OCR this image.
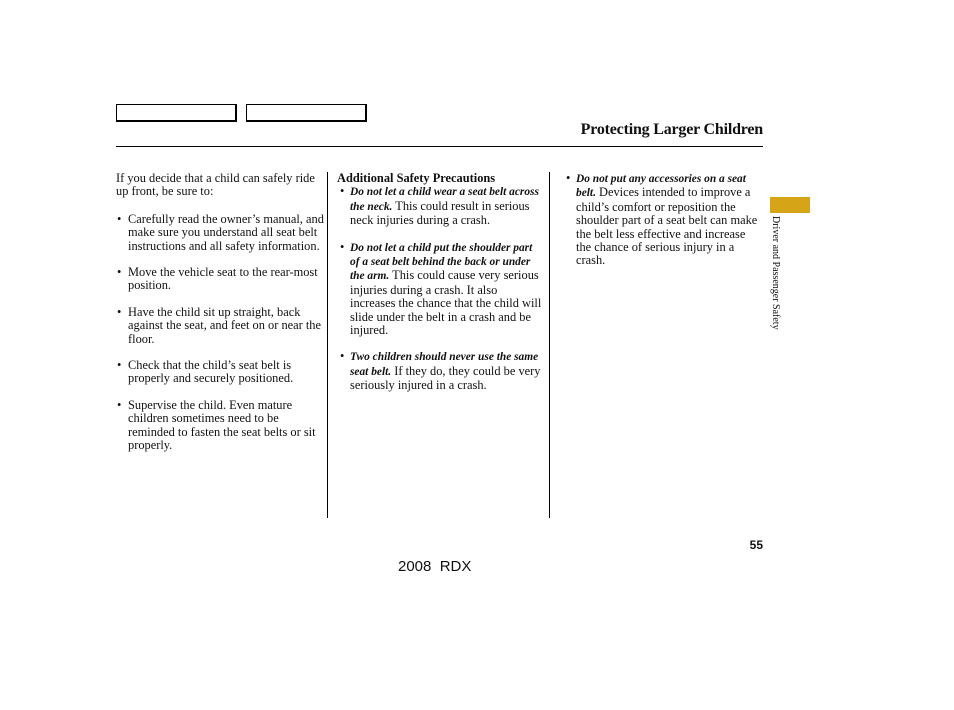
Protecting Larger Children

If you decide that a child can safely ride up front, be sure to:

• Carefully read the owner’s manual, and make sure you understand all seat belt instructions and all safety information.

• Move the vehicle seat to the rear-most position.

• Have the child sit up straight, back against the seat, and feet on or near the floor.

• Check that the child’s seat belt is properly and securely positioned.

• Supervise the child. Even mature children sometimes need to be reminded to fasten the seat belts or sit properly.

Additional Safety Precautions

• Do not let a child wear a seat belt across the neck. This could result in serious neck injuries during a crash.

• Do not let a child put the shoulder part of a seat belt behind the back or under the arm. This could cause very serious injuries during a crash. It also increases the chance that the child will slide under the belt in a crash and be injured.

• Two children should never use the same seat belt. If they do, they could be very seriously injured in a crash.

• Do not put any accessories on a seat belt. Devices intended to improve a child’s comfort or reposition the shoulder part of a seat belt can make the belt less effective and increase the chance of serious injury in a crash.	Driver and Passenger Safety
55
2008  RDX
